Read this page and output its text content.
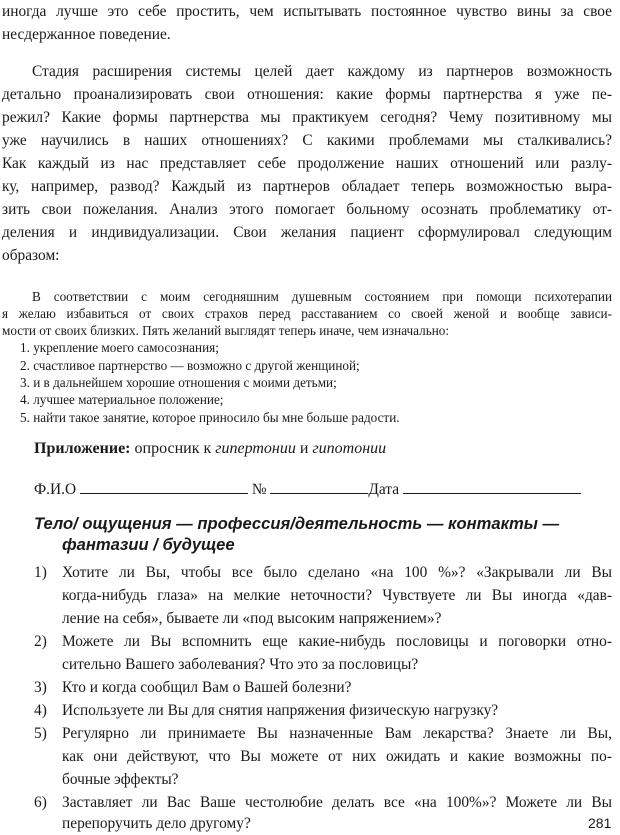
иногда лучше это себе простить, чем испытывать постоянное чувство вины за свое
несдержанное поведение.
Стадия расширения системы целей дает каждому из партнеров возможность
детально проанализировать свои отношения: какие формы партнерства я уже пе-
режил? Какие формы партнерства мы практикуем сегодня? Чему позитивному мы
уже научились в наших отношениях? С какими проблемами мы сталкивались?
Как каждый из нас представляет себе продолжение наших отношений или разлу-
ку, например, развод? Каждый из партнеров обладает теперь возможностью выра-
зить свои пожелания. Анализ этого помогает больному осознать проблематику от-
деления и индивидуализации. Свои желания пациент сформулировал следующим
образом:
В соответствии с моим сегодняшним душевным состоянием при помощи психотерапии
я желаю избавиться от своих страхов перед расставанием со своей женой и вообще зависи-
мости от своих близких. Пять желаний выглядят теперь иначе, чем изначально:
1. укрепление моего самосознания;
2. счастливое партнерство — возможно с другой женщиной;
3. и в дальнейшем хорошие отношения с моими детьми;
4. лучшее материальное положение;
5. найти такое занятие, которое приносило бы мне больше радости.
Приложение: опросник к гипертонии и гипотонии
Ф.И.О	№	Дата
Тело/ ощущения — профессия/деятельность — контакты —
фантазии / будущее
1) Хотите ли Вы, чтобы все было сделано «на 100 %»? «Закрывали ли Вы
когда-нибудь глаза» на мелкие неточности? Чувствуете ли Вы иногда «дав-
ление на себя», бываете ли «под высоким напряжением»?
2) Можете ли Вы вспомнить еще какие-нибудь пословицы и поговорки отно-
сительно Вашего заболевания? Что это за пословицы?
3) Кто и когда сообщил Вам о Вашей болезни?
4) Используете ли Вы для снятия напряжения физическую нагрузку?
5) Регулярно ли принимаете Вы назначенные Вам лекарства? Знаете ли Вы,
как они действуют, что Вы можете от них ожидать и какие возможны по-
бочные эффекты?
6) Заставляет ли Вас Ваше честолюбие делать все «на 100%»? Можете ли Вы
перепоручить дело другому?	281
